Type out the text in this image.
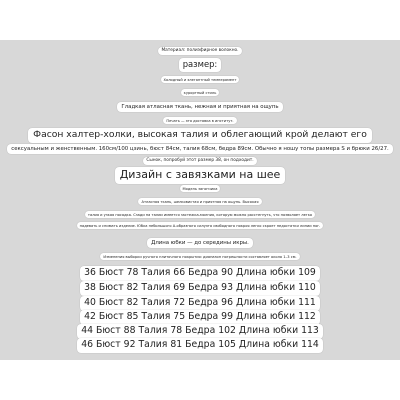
Материал: полиэфирное волокно.
размер:
Холодный и элегантный темперамент
курортный стиль
Гладкая атласная ткань, нежная и приятная на ощупь
Печать — это доставка в институт.
Фасон халтер-холки, высокая талия и облегающий крой делают его
сексуальным и женственным. 160см/100 цзинь, бюст 84см, талия 68см, бедра 89см. Обычно я ношу топы размера S и брюки 26/27.
Сынок, попробуй этот размер 38, он подходит.
Дизайн с завязками на шее
Модель загончика
Атласная ткань, шелковистая и приятная на ощупь. Высокая
талия и узкая посадка. Сзади на талии имеется застежка-молния, которую можно расстегнуть, что позволяет легко
надевать и снимать изделие. Юбка небольшого А-образного силуэта свободного покроя легко скроет недостатки линии ног.
Длина юбки — до середины икры.
Изменения выборки ручного плиточного покрытия: диапазон погрешности составляет около 1–3 см.
36 Бюст 78 Талия 66 Бедра 90 Длина юбки 109
38 Бюст 82 Талия 69 Бедра 93 Длина юбки 110
40 Бюст 82 Талия 72 Бедра 96 Длина юбки 111
42 Бюст 85 Талия 75 Бедра 99 Длина юбки 112
44 Бюст 88 Талия 78 Бедра 102 Длина юбки 113
46 Бюст 92 Талия 81 Бедра 105 Длина юбки 114
